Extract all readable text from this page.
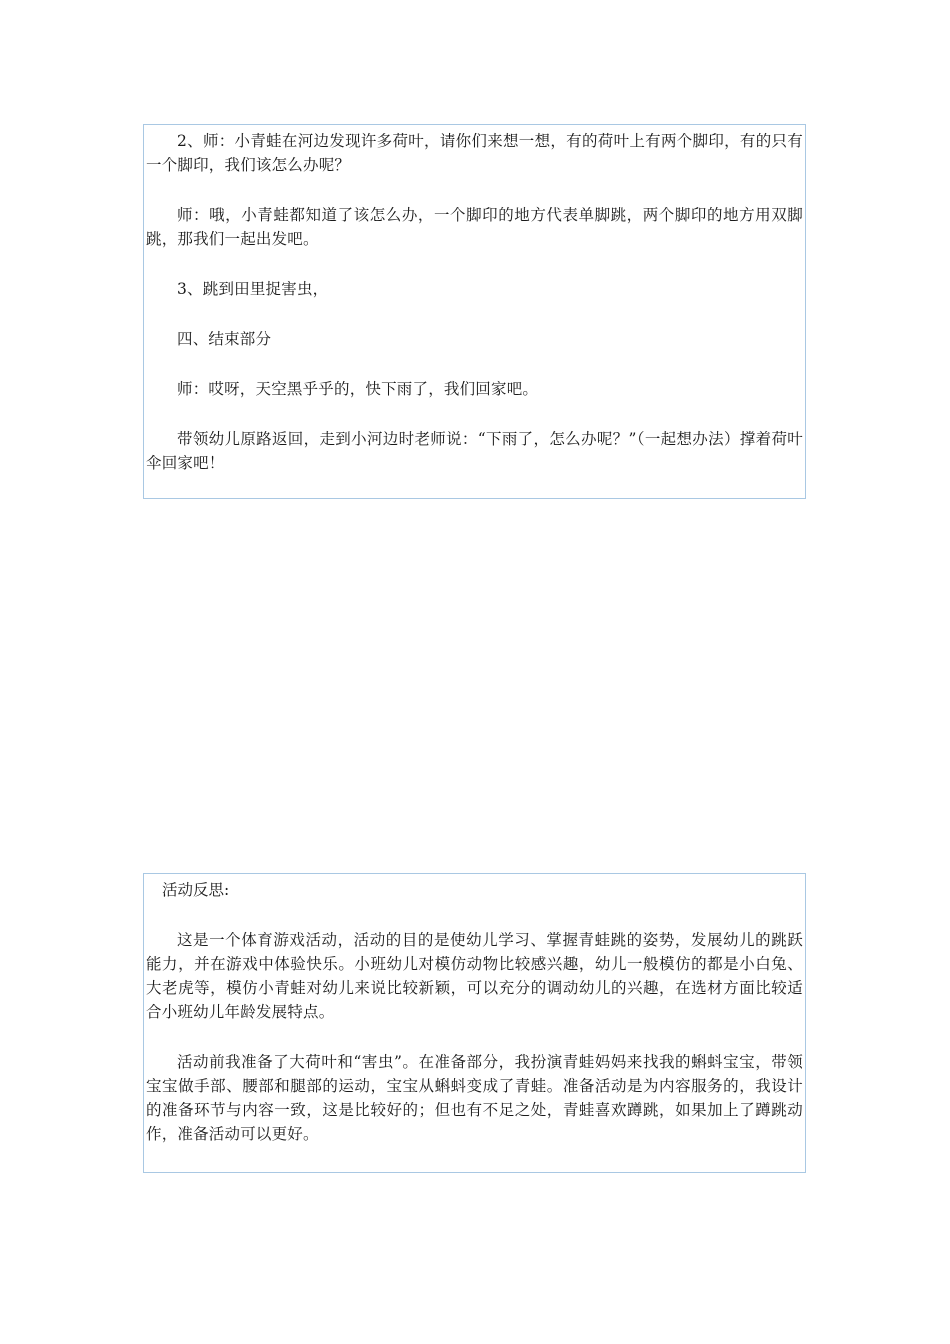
2、师：小青蛙在河边发现许多荷叶，请你们来想一想，有的荷叶上有两个脚印，有的只有一个脚印，我们该怎么办呢？

师：哦，小青蛙都知道了该怎么办，一个脚印的地方代表单脚跳，两个脚印的地方用双脚跳，那我们一起出发吧。

3、跳到田里捉害虫，

四、结束部分

师：哎呀，天空黑乎乎的，快下雨了，我们回家吧。

带领幼儿原路返回，走到小河边时老师说：“下雨了，怎么办呢？”（一起想办法）撑着荷叶伞回家吧！

活动反思:

这是一个体育游戏活动，活动的目的是使幼儿学习、掌握青蛙跳的姿势，发展幼儿的跳跃能力，并在游戏中体验快乐。小班幼儿对模仿动物比较感兴趣，幼儿一般模仿的都是小白兔、大老虎等，模仿小青蛙对幼儿来说比较新颖，可以充分的调动幼儿的兴趣，在选材方面比较适合小班幼儿年龄发展特点。

活动前我准备了大荷叶和“害虫”。在准备部分，我扮演青蛙妈妈来找我的蝌蚪宝宝，带领宝宝做手部、腰部和腿部的运动，宝宝从蝌蚪变成了青蛙。准备活动是为内容服务的，我设计的准备环节与内容一致，这是比较好的；但也有不足之处，青蛙喜欢蹲跳，如果加上了蹲跳动作，准备活动可以更好。
